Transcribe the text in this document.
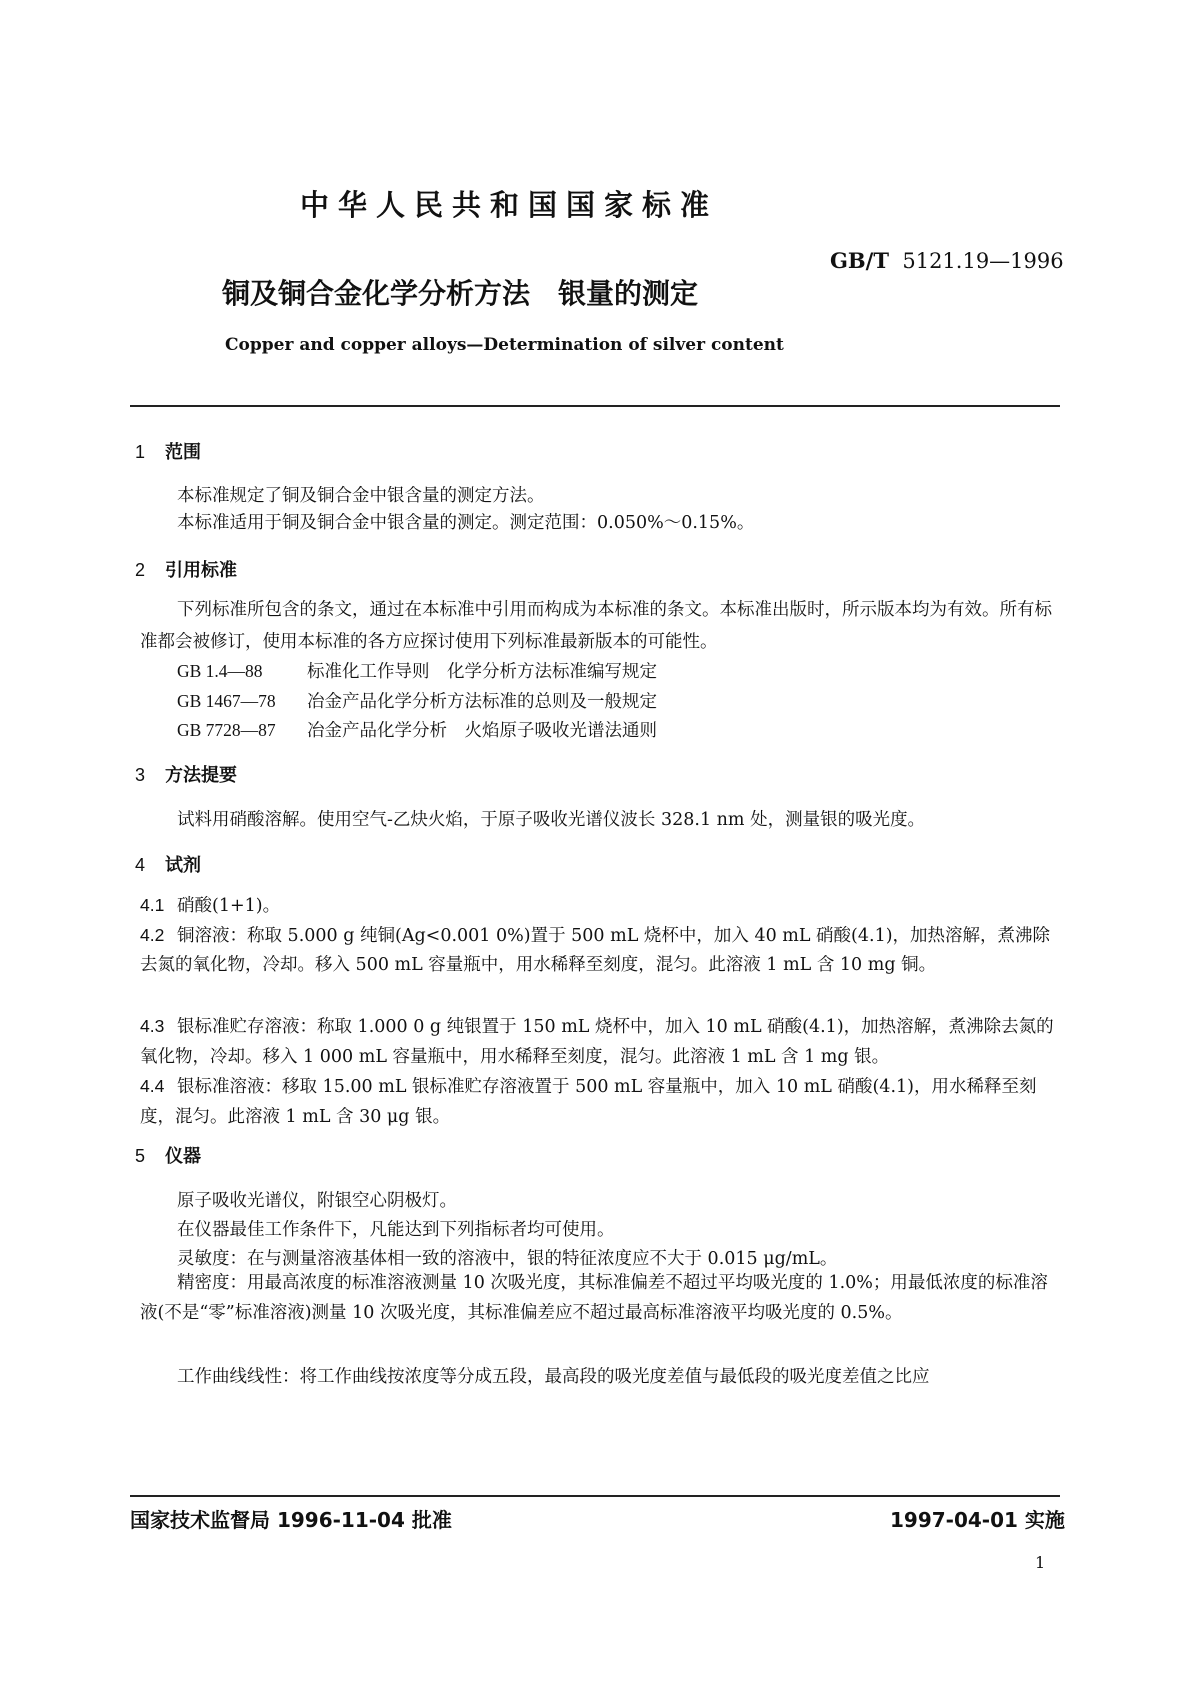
中华人民共和国国家标准
GB/T 5121.19—1996
铜及铜合金化学分析方法　银量的测定
Copper and copper alloys—Determination of silver content
1 范围
本标准规定了铜及铜合金中银含量的测定方法。
本标准适用于铜及铜合金中银含量的测定。测定范围：0.050%～0.15%。
2 引用标准
下列标准所包含的条文，通过在本标准中引用而构成为本标准的条文。本标准出版时，所示版本均为有效。所有标准都会被修订，使用本标准的各方应探讨使用下列标准最新版本的可能性。
GB 1.4—88	标准化工作导则　化学分析方法标准编写规定
GB 1467—78 冶金产品化学分析方法标准的总则及一般规定
GB 7728—87 冶金产品化学分析　火焰原子吸收光谱法通则
3 方法提要
试料用硝酸溶解。使用空气-乙炔火焰，于原子吸收光谱仪波长 328.1 nm 处，测量银的吸光度。
4 试剂
4.1 硝酸(1+1)。
4.2 铜溶液：称取 5.000 g 纯铜(Ag<0.001 0%)置于 500 mL 烧杯中，加入 40 mL 硝酸(4.1)，加热溶解，煮沸除去氮的氧化物，冷却。移入 500 mL 容量瓶中，用水稀释至刻度，混匀。此溶液 1 mL 含 10 mg 铜。
4.3 银标准贮存溶液：称取 1.000 0 g 纯银置于 150 mL 烧杯中，加入 10 mL 硝酸(4.1)，加热溶解，煮沸除去氮的氧化物，冷却。移入 1 000 mL 容量瓶中，用水稀释至刻度，混匀。此溶液 1 mL 含 1 mg 银。
4.4 银标准溶液：移取 15.00 mL 银标准贮存溶液置于 500 mL 容量瓶中，加入 10 mL 硝酸(4.1)，用水稀释至刻度，混匀。此溶液 1 mL 含 30 μg 银。
5 仪器
原子吸收光谱仪，附银空心阴极灯。
在仪器最佳工作条件下，凡能达到下列指标者均可使用。
灵敏度：在与测量溶液基体相一致的溶液中，银的特征浓度应不大于 0.015 μg/mL。
精密度：用最高浓度的标准溶液测量 10 次吸光度，其标准偏差不超过平均吸光度的 1.0%；用最低浓度的标准溶液(不是“零”标准溶液)测量 10 次吸光度，其标准偏差应不超过最高标准溶液平均吸光度的 0.5%。
工作曲线线性：将工作曲线按浓度等分成五段，最高段的吸光度差值与最低段的吸光度差值之比应
国家技术监督局 1996-11-04 批准	1997-04-01 实施
1
